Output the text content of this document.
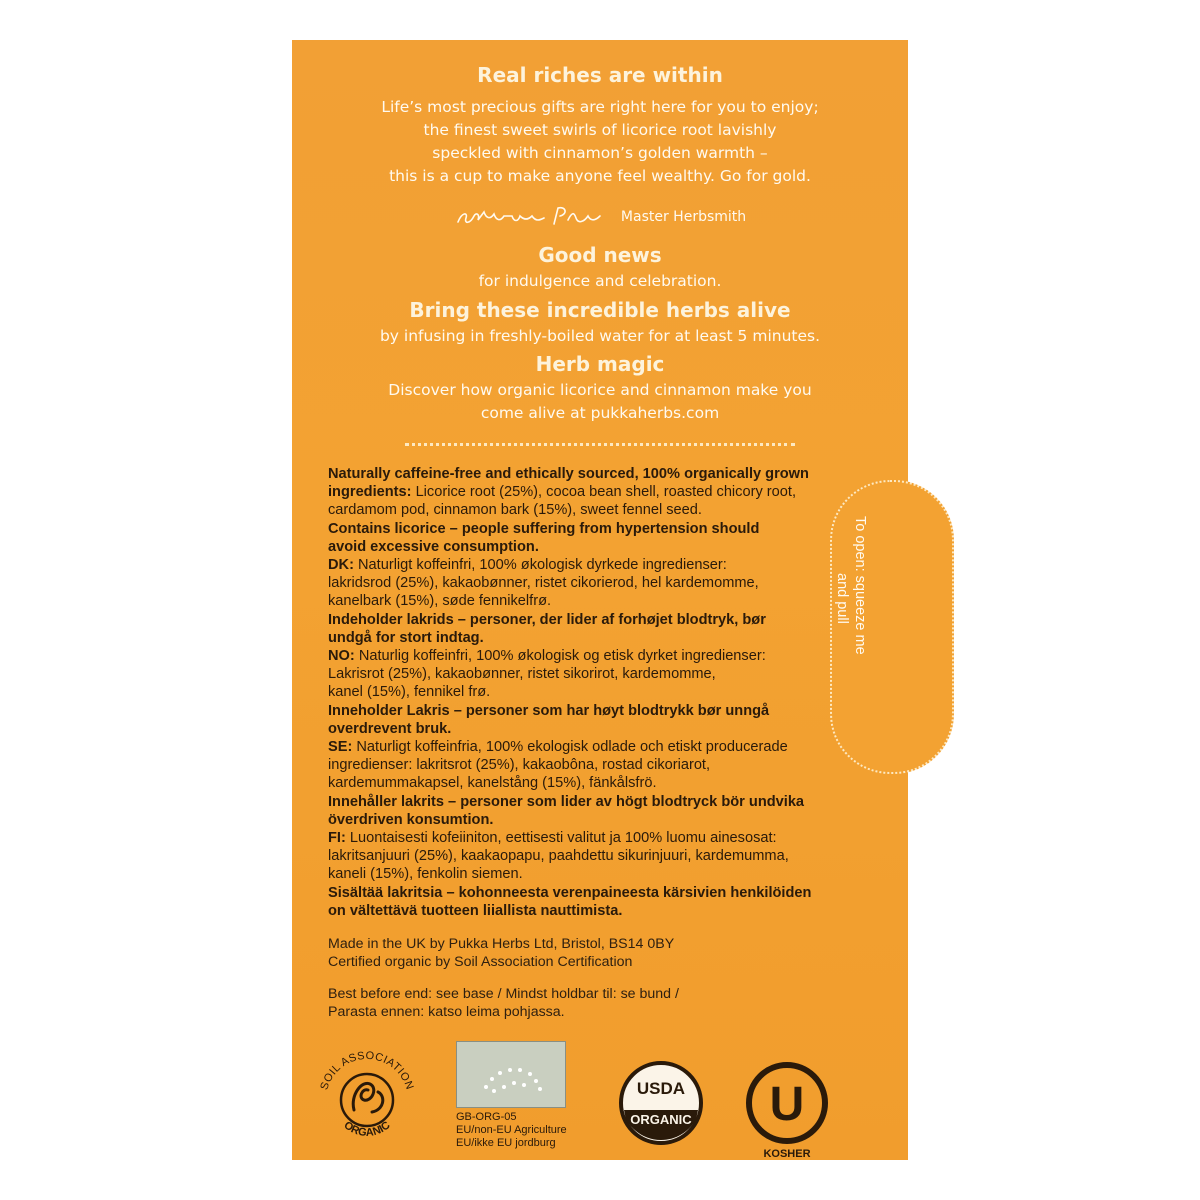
Real riches are within

Life’s most precious gifts are right here for you to enjoy;

the finest sweet swirls of licorice root lavishly

speckled with cinnamon’s golden warmth –

this is a cup to make anyone feel wealthy. Go for gold.

Master Herbsmith
Good news

for indulgence and celebration.

Bring these incredible herbs alive

by infusing in freshly-boiled water for at least 5 minutes.

Herb magic

Discover how organic licorice and cinnamon make you

come alive at pukkaherbs.com

To open: squeeze me
and pull

Naturally caffeine-free and ethically sourced, 100% organically grown

ingredients: Licorice root (25%), cocoa bean shell, roasted chicory root,

cardamom pod, cinnamon bark (15%), sweet fennel seed.

Contains licorice – people suffering from hypertension should

avoid excessive consumption.

DK: Naturligt koffeinfri, 100% økologisk dyrkede ingredienser:

lakridsrod (25%), kakaobønner, ristet cikorierod, hel kardemomme,

kanelbark (15%), søde fennikelfrø.

Indeholder lakrids – personer, der lider af forhøjet blodtryk, bør

undgå for stort indtag.

NO: Naturlig koffeinfri, 100% økologisk og etisk dyrket ingredienser:

Lakrisrot (25%), kakaobønner, ristet sikorirot, kardemomme,

kanel (15%), fennikel frø.

Inneholder Lakris – personer som har høyt blodtrykk bør unngå

overdrevent bruk.

SE: Naturligt koffeinfria, 100% ekologisk odlade och etiskt producerade

ingredienser: lakritsrot (25%), kakaobôna, rostad cikoriarot,

kardemummakapsel, kanelstång (15%), fänkålsfrö.

Innehåller lakrits – personer som lider av högt blodtryck bör undvika

överdriven konsumtion.

FI: Luontaisesti kofeiiniton, eettisesti valitut ja 100% luomu ainesosat:

lakritsanjuuri (25%), kaakaopapu, paahdettu sikurinjuuri, kardemumma,

kaneli (15%), fenkolin siemen.

Sisältää lakritsia – kohonneesta verenpaineesta kärsivien henkilöiden

on vältettävä tuotteen liiallista nauttimista.

Made in the UK by Pukka Herbs Ltd, Bristol, BS14 0BY

Certified organic by Soil Association Certification

Best before end: see base / Mindst holdbar til: se bund /

Parasta ennen: katso leima pohjassa.

SOIL ASSOCIATION
ORGANIC

GB-ORG-05

EU/non-EU Agriculture

EU/ikke EU jordburg

USDA
ORGANIC U
KOSHER
